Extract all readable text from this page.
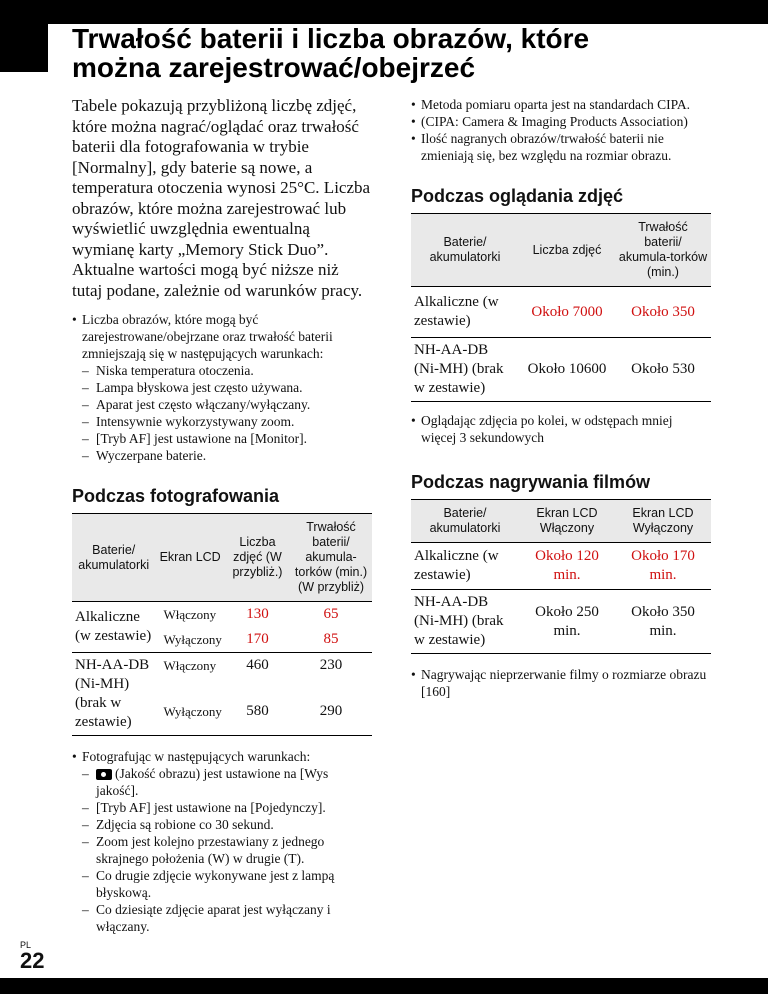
Trwałość baterii i liczba obrazów, które
można zarejestrować/obejrzeć

Tabele pokazują przybliżoną liczbę zdjęć, które można nagrać/oglądać oraz trwałość baterii dla fotografowania w trybie [Normalny], gdy baterie są nowe, a temperatura otoczenia wynosi 25°C. Liczba obrazów, które można zarejestrować lub wyświetlić uwzględnia ewentualną wymianę karty „Memory Stick Duo”.

Aktualne wartości mogą być niższe niż tutaj podane, zależnie od warunków pracy.

• Liczba obrazów, które mogą być zarejestrowane/obejrzane oraz trwałość baterii zmniejszają się w następujących warunkach:
– Niska temperatura otoczenia.
– Lampa błyskowa jest często używana.
– Aparat jest często włączany/wyłączany.
– Intensywnie wykorzystywany zoom.
– [Tryb AF] jest ustawione na [Monitor].
– Wyczerpane baterie.
Podczas fotografowania
Baterie/ akumulatorki	Ekran LCD	Liczba zdjęć (W przybliż.)	Trwałość baterii/ akumula-torków (min.) (W przybliż)
Alkaliczne (w zestawie)	Włączony	130	65
	Wyłączony	170	85
NH-AA-DB (Ni-MH) (brak w zestawie)	Włączony	460	230
	Wyłączony	580	290
• Fotografując w następujących warunkach:
– (Jakość obrazu) jest ustawione na [Wys jakość].
– [Tryb AF] jest ustawione na [Pojedynczy].
– Zdjęcia są robione co 30 sekund.
– Zoom jest kolejno przestawiany z jednego skrajnego położenia (W) w drugie (T).
– Co drugie zdjęcie wykonywane jest z lampą błyskową.
– Co dziesiąte zdjęcie aparat jest wyłączany i włączany.
• Metoda pomiaru oparta jest na standardach CIPA.
• (CIPA: Camera & Imaging Products Association)
• Ilość nagranych obrazów/trwałość baterii nie zmieniają się, bez względu na rozmiar obrazu.
Podczas oglądania zdjęć
Baterie/ akumulatorki	Liczba zdjęć	Trwałość baterii/ akumula-torków (min.)
Alkaliczne (w zestawie)	Około 7000	Około 350
NH-AA-DB (Ni-MH) (brak w zestawie)	Około 10600	Około 530
• Oglądając zdjęcia po kolei, w odstępach mniej więcej 3 sekundowych
Podczas nagrywania filmów
Baterie/ akumulatorki	Ekran LCD Włączony	Ekran LCD Wyłączony
Alkaliczne (w zestawie)	Około 120 min.	Około 170 min.
NH-AA-DB (Ni-MH) (brak w zestawie)	Około 250 min.	Około 350 min.
• Nagrywając nieprzerwanie filmy o rozmiarze obrazu [160]
PL
22
